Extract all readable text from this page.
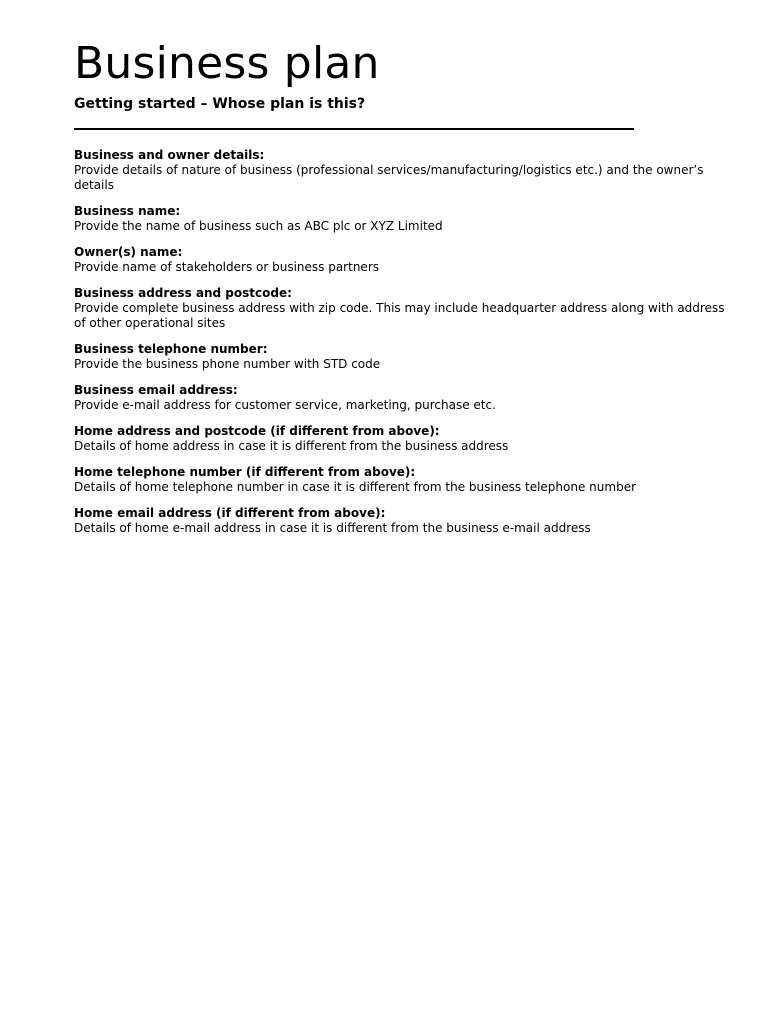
Business plan
Getting started – Whose plan is this?
Business and owner details:
Provide details of nature of business (professional services/manufacturing/logistics etc.) and the owner’s details
Business name:
Provide the name of business such as ABC plc or XYZ Limited
Owner(s) name:
Provide name of stakeholders or business partners
Business address and postcode:
Provide complete business address with zip code. This may include headquarter address along with address of other operational sites
Business telephone number:
Provide the business phone number with STD code
Business email address:
Provide e-mail address for customer service, marketing, purchase etc.
Home address and postcode (if different from above):
Details of home address in case it is different from the business address
Home telephone number (if different from above):
Details of home telephone number in case it is different from the business telephone number
Home email address (if different from above):
Details of home e-mail address in case it is different from the business e-mail address
